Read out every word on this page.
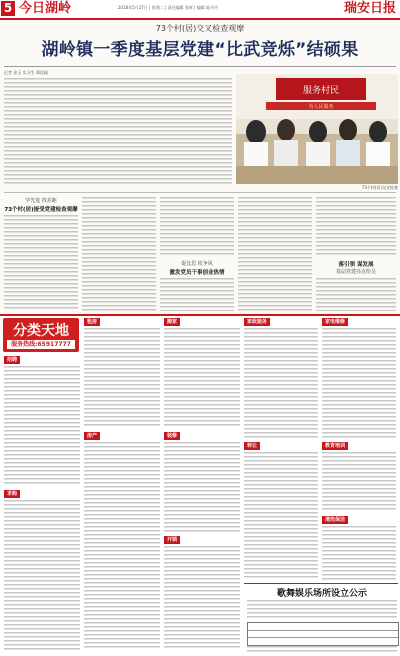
5 今日湖岭	2018年5月27日 | 星期二 | 责任编辑 张辉 | 编辑 陈丹丹	瑞安日报
73个村(居)交叉检查观摩
湖岭镇一季度基层党建“比武竞烁”结硕果
记者 金玉 实习生 郑佳瑜
服务村民
为人民服务
73个村(居)交叉检查
学先进 找差距
73个村(居)接受党建检查观摩
促比思 钦争风
激发党员干事创业热情
落引领 谋发展
基层党建亮点纷呈
分类天地
服务热线:65917777
招聘
求购
租房
房产
搬家
装修
开锁
家政服务
转让
家电维修
教育培训
清洗保洁
歌舞娱乐场所设立公示
